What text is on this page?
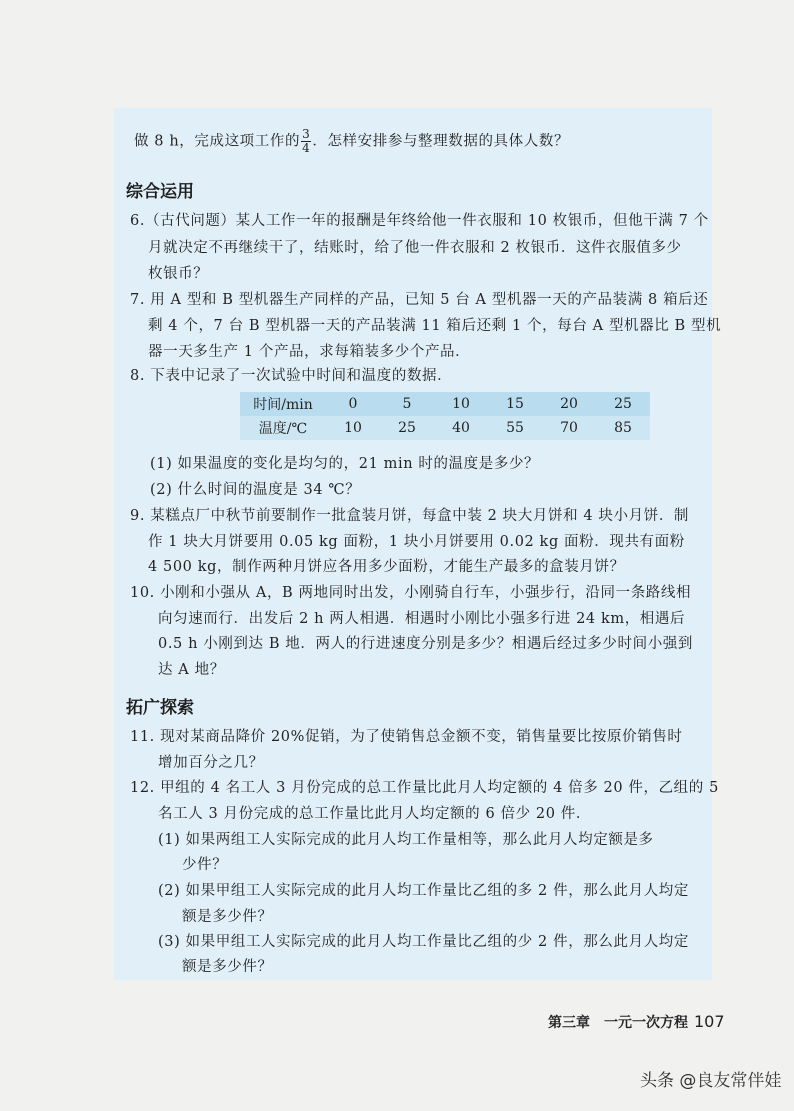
做 8 h，完成这项工作的 $\frac{3}{4}$ ．怎样安排参与整理数据的具体人数？
综合运用
6.（古代问题）某人工作一年的报酬是年终给他一件衣服和 10 枚银币，但他干满 7 个
月就决定不再继续干了，结账时，给了他一件衣服和 2 枚银币．这件衣服值多少
枚银币？
7. 用 A 型和 B 型机器生产同样的产品，已知 5 台 A 型机器一天的产品装满 8 箱后还
剩 4 个，7 台 B 型机器一天的产品装满 11 箱后还剩 1 个，每台 A 型机器比 B 型机
器一天多生产 1 个产品，求每箱装多少个产品．
8. 下表中记录了一次试验中时间和温度的数据．
时间/min	0	5	10	15	20	25
温度/℃	10	25	40	55	70	85
(1) 如果温度的变化是均匀的，21 min 时的温度是多少？
(2) 什么时间的温度是 34 ℃？
9. 某糕点厂中秋节前要制作一批盒装月饼，每盒中装 2 块大月饼和 4 块小月饼．制
作 1 块大月饼要用 0.05 kg 面粉，1 块小月饼要用 0.02 kg 面粉．现共有面粉
4 500 kg，制作两种月饼应各用多少面粉，才能生产最多的盒装月饼？
10. 小刚和小强从 A，B 两地同时出发，小刚骑自行车，小强步行，沿同一条路线相
向匀速而行．出发后 2 h 两人相遇．相遇时小刚比小强多行进 24 km，相遇后
0.5 h 小刚到达 B 地．两人的行进速度分别是多少？相遇后经过多少时间小强到
达 A 地？
拓广探索
11. 现对某商品降价 20%促销，为了使销售总金额不变，销售量要比按原价销售时
增加百分之几？
12. 甲组的 4 名工人 3 月份完成的总工作量比此月人均定额的 4 倍多 20 件，乙组的 5
名工人 3 月份完成的总工作量比此月人均定额的 6 倍少 20 件．
(1) 如果两组工人实际完成的此月人均工作量相等，那么此月人均定额是多
少件？
(2) 如果甲组工人实际完成的此月人均工作量比乙组的多 2 件，那么此月人均定
额是多少件？
(3) 如果甲组工人实际完成的此月人均工作量比乙组的少 2 件，那么此月人均定
额是多少件？
第三章　一元一次方程 107
头条 @良友常伴娃
